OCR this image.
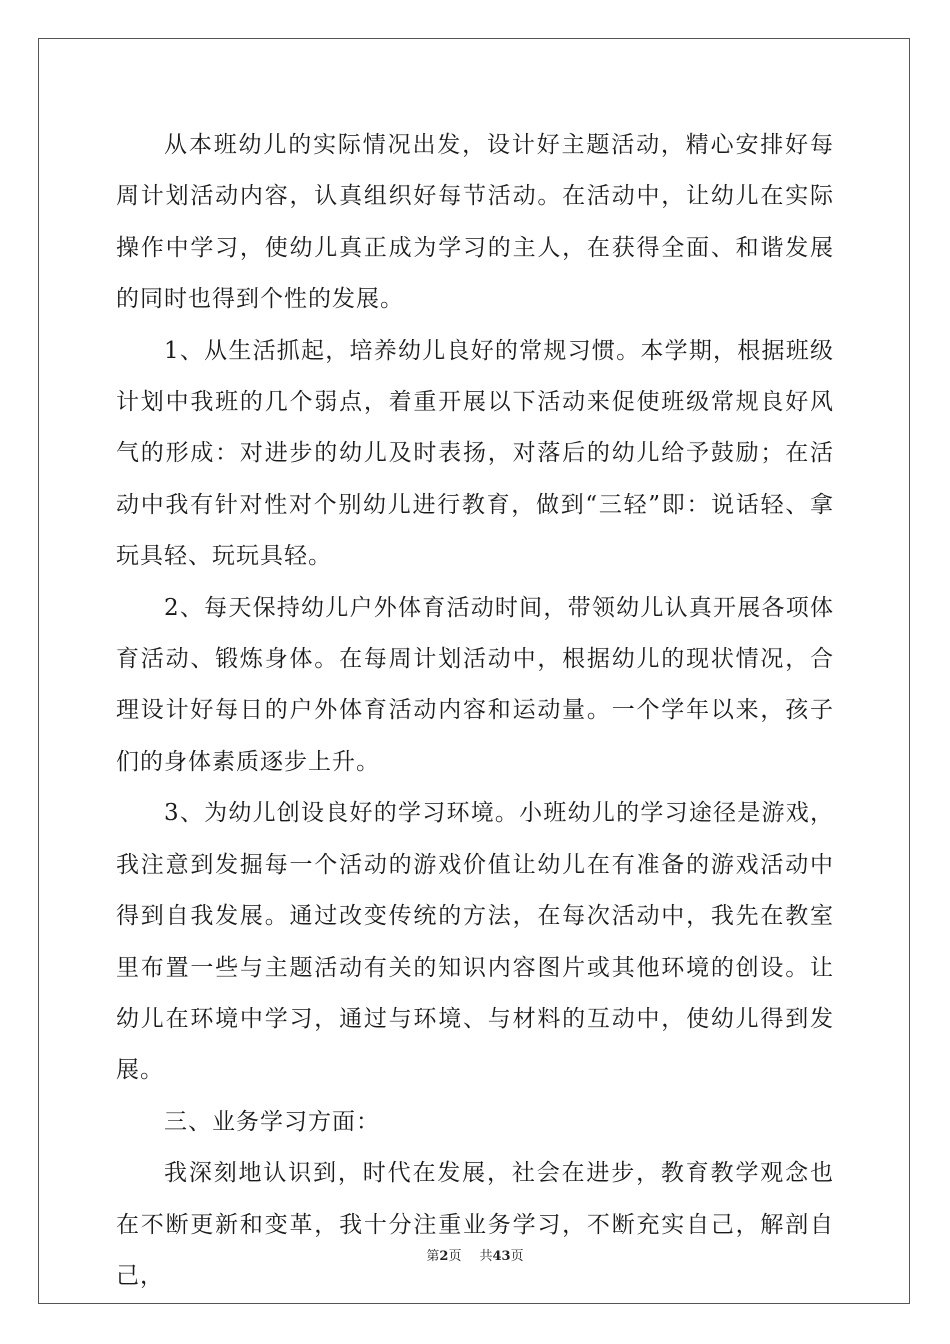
从本班幼儿的实际情况出发，设计好主题活动，精心安排好每周计划活动内容，认真组织好每节活动。在活动中，让幼儿在实际操作中学习，使幼儿真正成为学习的主人，在获得全面、和谐发展的同时也得到个性的发展。

1、从生活抓起，培养幼儿良好的常规习惯。本学期，根据班级计划中我班的几个弱点，着重开展以下活动来促使班级常规良好风气的形成：对进步的幼儿及时表扬，对落后的幼儿给予鼓励；在活动中我有针对性对个别幼儿进行教育，做到“三轻”即：说话轻、拿玩具轻、玩玩具轻。

2、每天保持幼儿户外体育活动时间，带领幼儿认真开展各项体育活动、锻炼身体。在每周计划活动中，根据幼儿的现状情况，合理设计好每日的户外体育活动内容和运动量。一个学年以来，孩子们的身体素质逐步上升。

3、为幼儿创设良好的学习环境。小班幼儿的学习途径是游戏，我注意到发掘每一个活动的游戏价值让幼儿在有准备的游戏活动中得到自我发展。通过改变传统的方法，在每次活动中，我先在教室里布置一些与主题活动有关的知识内容图片或其他环境的创设。让幼儿在环境中学习，通过与环境、与材料的互动中，使幼儿得到发展。

三、业务学习方面：

我深刻地认识到，时代在发展，社会在进步，教育教学观念也在不断更新和变革，我十分注重业务学习，不断充实自己，解剖自己，

第2页 共43页
